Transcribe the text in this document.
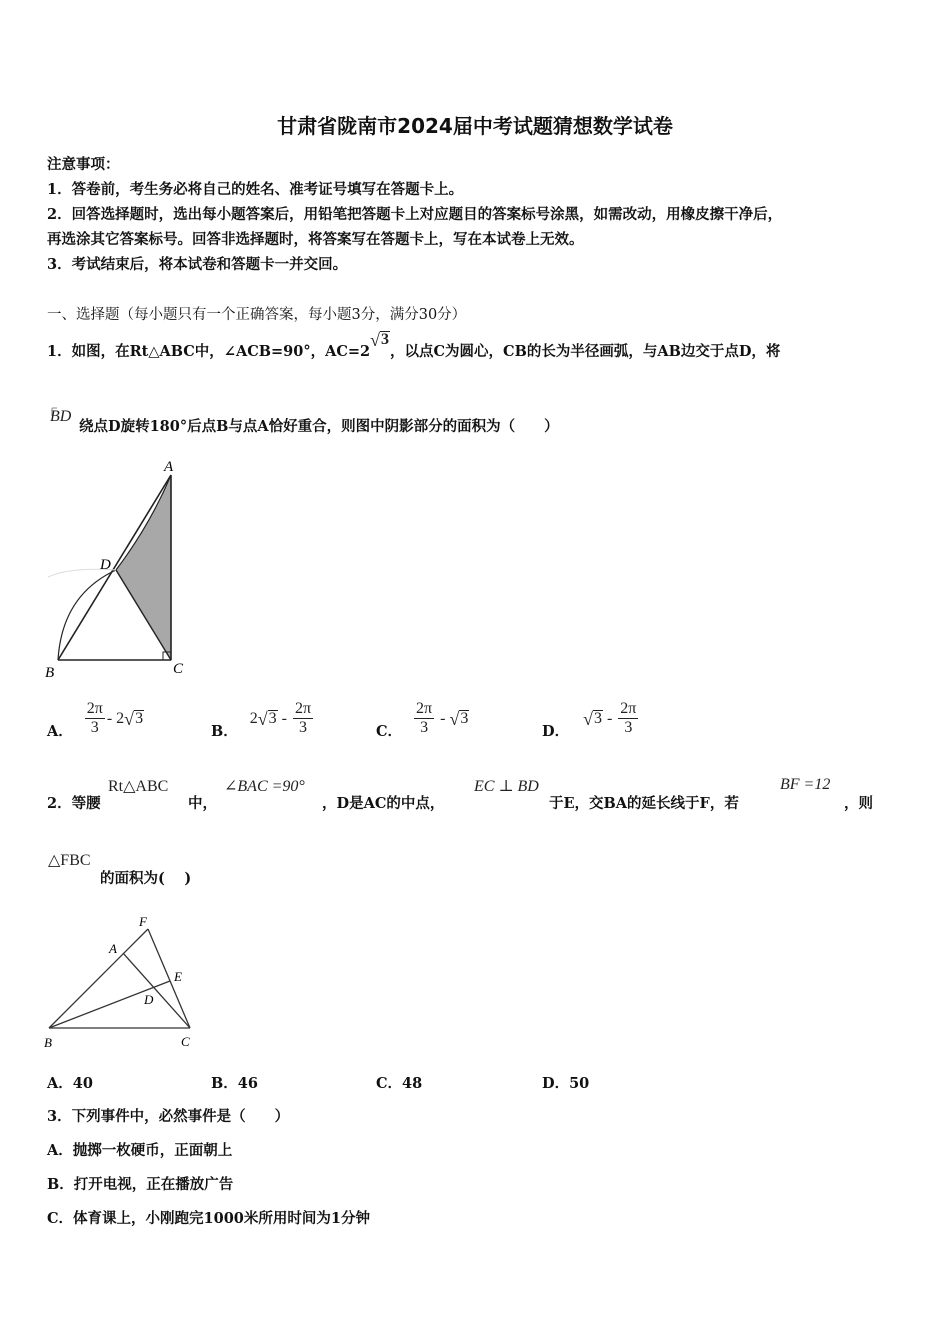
甘肃省陇南市2024届中考试题猜想数学试卷
注意事项：
1．答卷前，考生务必将自己的姓名、准考证号填写在答题卡上。
2．回答选择题时，选出每小题答案后，用铅笔把答题卡上对应题目的答案标号涂黑，如需改动，用橡皮擦干净后，
再选涂其它答案标号。回答非选择题时，将答案写在答题卡上，写在本试卷上无效。
3．考试结束后，将本试卷和答题卡一并交回。
一、选择题（每小题只有一个正确答案，每小题3分，满分30分）
1．如图，在Rt△ABC中，∠ACB=90°，AC=2
√ 3
，以点C为圆心，CB的长为半径画弧，与AB边交于点D，将
BD
绕点D旋转180°后点B与点A恰好重合，则图中阴影部分的面积为（　　）
A
D
B	C
A． $\frac{2\pi}{3} - 2$ √ 3
B．
2 √ $3 - \frac{2\pi}{3}$	C． $\frac{2\pi}{3}$ - √ 3
D．
√ $3 - \frac{2\pi}{3}$
2．等腰
Rt△ABC
中，
∠BAC =90°
，D是AC的中点，
EC ⊥ BD
于E，交BA的延长线于F，若
BF =12
，则
△FBC
的面积为(　 )
F
A
E
D
B	C
A．40	B．46	C．48	D．50
3．下列事件中，必然事件是（　　）
A．抛掷一枚硬币，正面朝上
B．打开电视，正在播放广告
C．体育课上，小刚跑完1000米所用时间为1分钟
